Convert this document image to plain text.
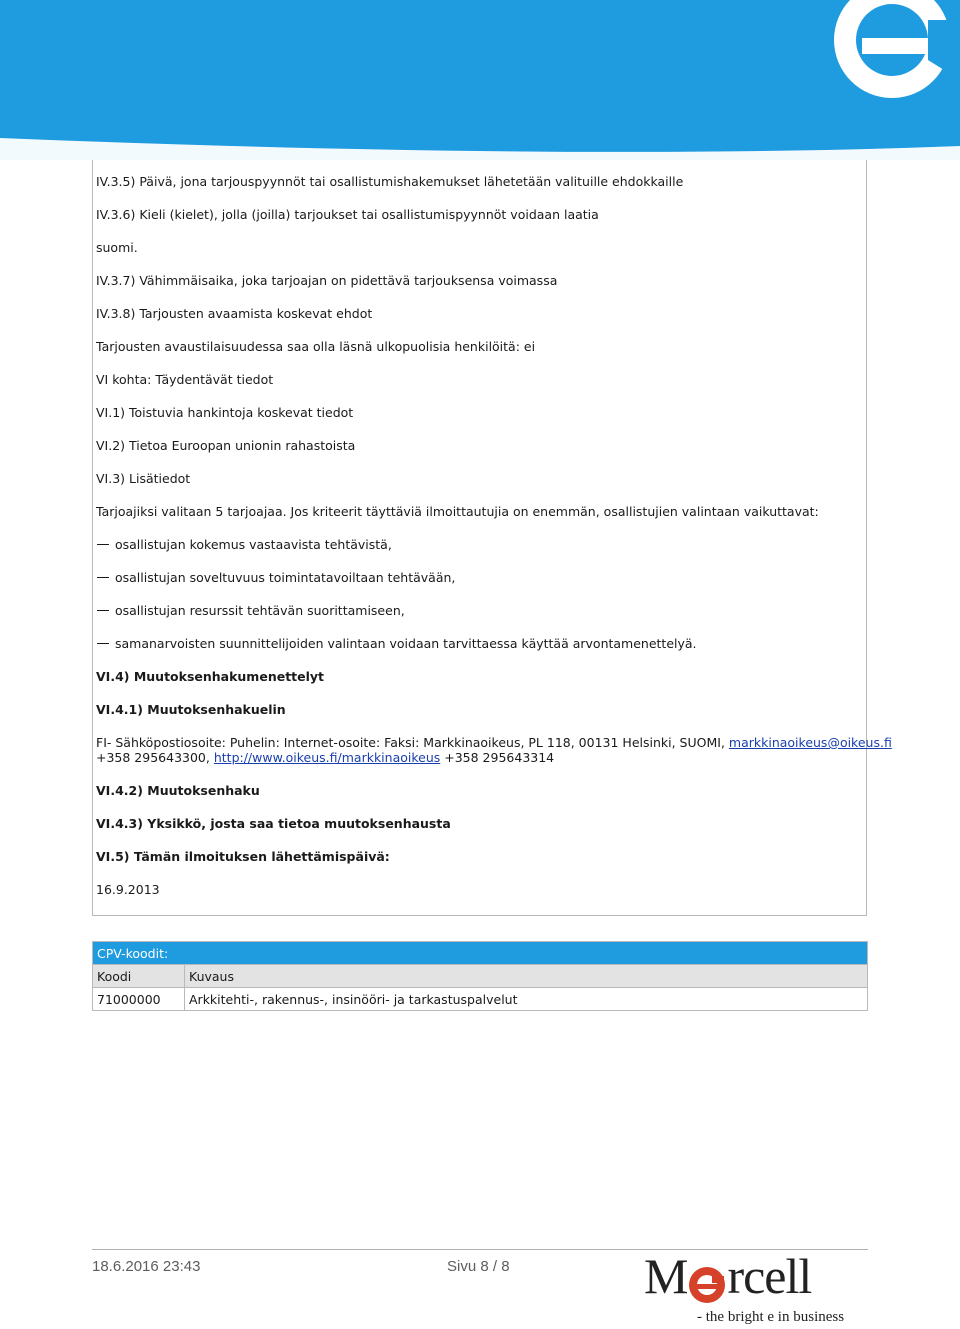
IV.3.5) Päivä, jona tarjouspyynnöt tai osallistumishakemukset lähetetään valituille ehdokkaille
IV.3.6) Kieli (kielet), jolla (joilla) tarjoukset tai osallistumispyynnöt voidaan laatia
suomi.
IV.3.7) Vähimmäisaika, joka tarjoajan on pidettävä tarjouksensa voimassa
IV.3.8) Tarjousten avaamista koskevat ehdot
Tarjousten avaustilaisuudessa saa olla läsnä ulkopuolisia henkilöitä: ei
VI kohta: Täydentävät tiedot
VI.1) Toistuvia hankintoja koskevat tiedot
VI.2) Tietoa Euroopan unionin rahastoista
VI.3) Lisätiedot
Tarjoajiksi valitaan 5 tarjoajaa. Jos kriteerit täyttäviä ilmoittautujia on enemmän, osallistujien valintaan vaikuttavat:
osallistujan kokemus vastaavista tehtävistä,
osallistujan soveltuvuus toimintatavoiltaan tehtävään,
osallistujan resurssit tehtävän suorittamiseen,
samanarvoisten suunnittelijoiden valintaan voidaan tarvittaessa käyttää arvontamenettelyä.
VI.4) Muutoksenhakumenettelyt
VI.4.1) Muutoksenhakuelin
FI- Sähköpostiosoite: Puhelin: Internet-osoite: Faksi: Markkinaoikeus, PL 118, 00131 Helsinki, SUOMI, markkinaoikeus@oikeus.fi
+358 295643300, http://www.oikeus.fi/markkinaoikeus +358 295643314
VI.4.2) Muutoksenhaku
VI.4.3) Yksikkö, josta saa tietoa muutoksenhausta
VI.5) Tämän ilmoituksen lähettämispäivä:
16.9.2013
CPV-koodit:	
Koodi	Kuvaus
71000000	Arkkitehti-, rakennus-, insinööri- ja tarkastuspalvelut
18.6.2016 23:43	Sivu 8 / 8	M rcell
- the bright e in business
